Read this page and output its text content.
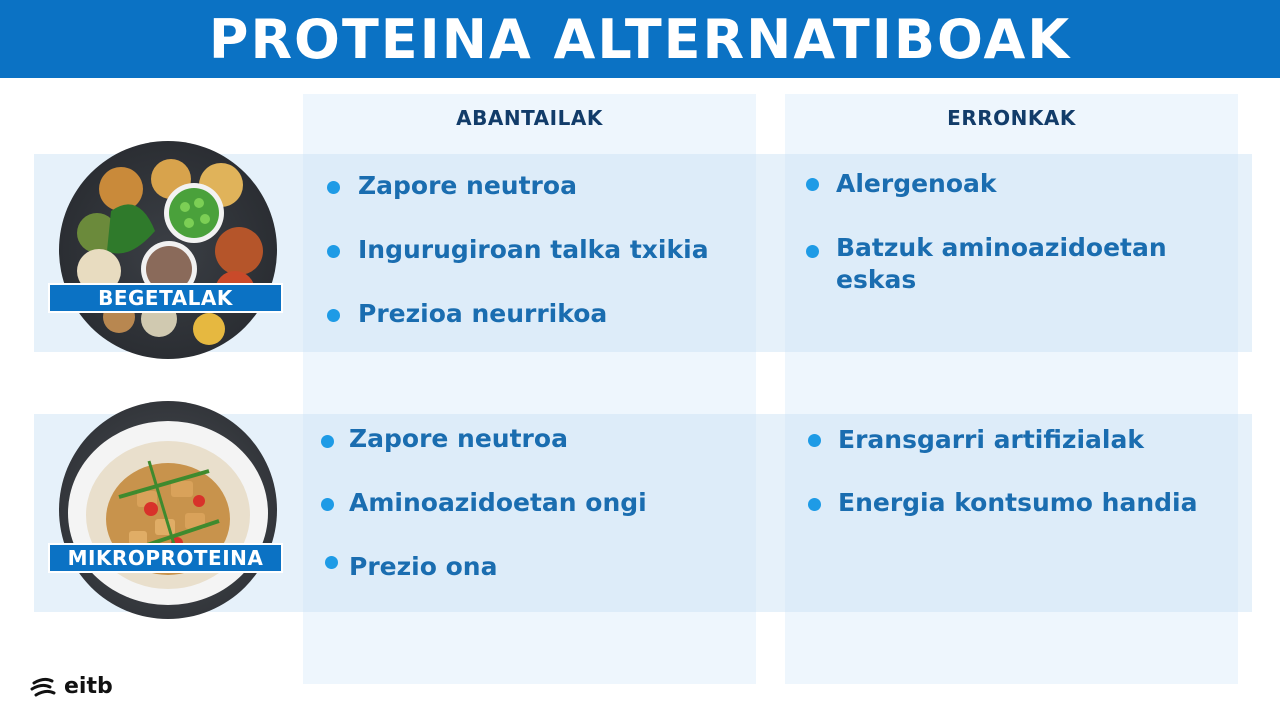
PROTEINA ALTERNATIBOAK
ABANTAILAK	ERRONKAK
BEGETALAK
MIKROPROTEINA
Zapore neutroa
Ingurugiroan talka txikia
Prezioa neurrikoa
Alergenoak
Batzuk aminoazidoetan
eskas
Zapore neutroa
Aminoazidoetan ongi
Prezio ona
Eransgarri artifizialak
Energia kontsumo handia
eitb
